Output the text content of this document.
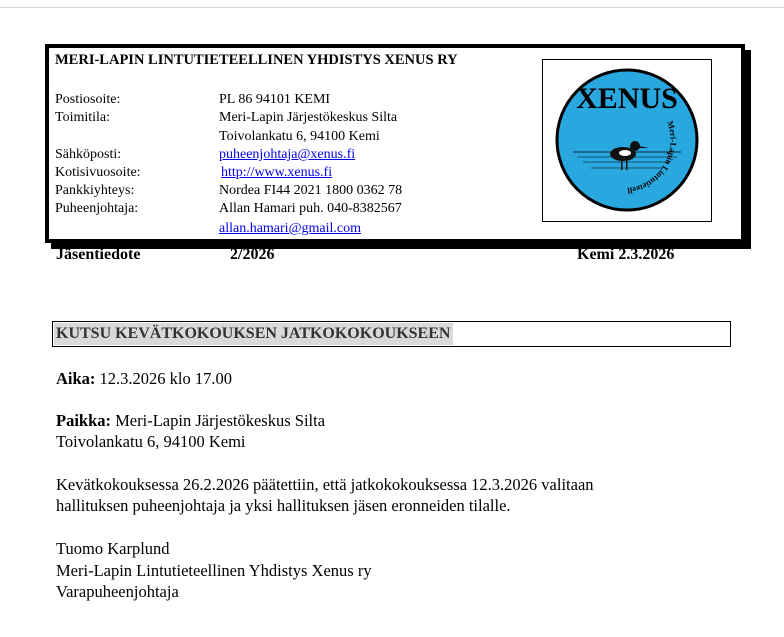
MERI-LAPIN LINTUTIETEELLINEN YHDISTYS XENUS RY
Postiosoite:	PL 86 94101 KEMI
Toimitila:	Meri-Lapin Järjestökeskus Silta
Toivolankatu 6, 94100 Kemi
Sähköposti:	puheenjohtaja@xenus.fi
Kotisivuosoite:	http://www.xenus.fi
Pankkiyhteys:	Nordea FI44 2021 1800 0362 78
Puheenjohtaja:	Allan Hamari puh. 040-8382567
allan.hamari@gmail.com
XENUS
Meri-Lapin Lintutieteell
Jäsentiedote	2/2026	Kemi 2.3.2026
KUTSU KEVÄTKOKOUKSEN JATKOKOKOUKSEEN
Aika: 12.3.2026 klo 17.00
Paikka: Meri-Lapin Järjestökeskus Silta
Toivolankatu 6, 94100 Kemi
Kevätkokouksessa 26.2.2026 päätettiin, että jatkokokouksessa 12.3.2026 valitaan
hallituksen puheenjohtaja ja yksi hallituksen jäsen eronneiden tilalle.
Tuomo Karplund
Meri-Lapin Lintutieteellinen Yhdistys Xenus ry
Varapuheenjohtaja
